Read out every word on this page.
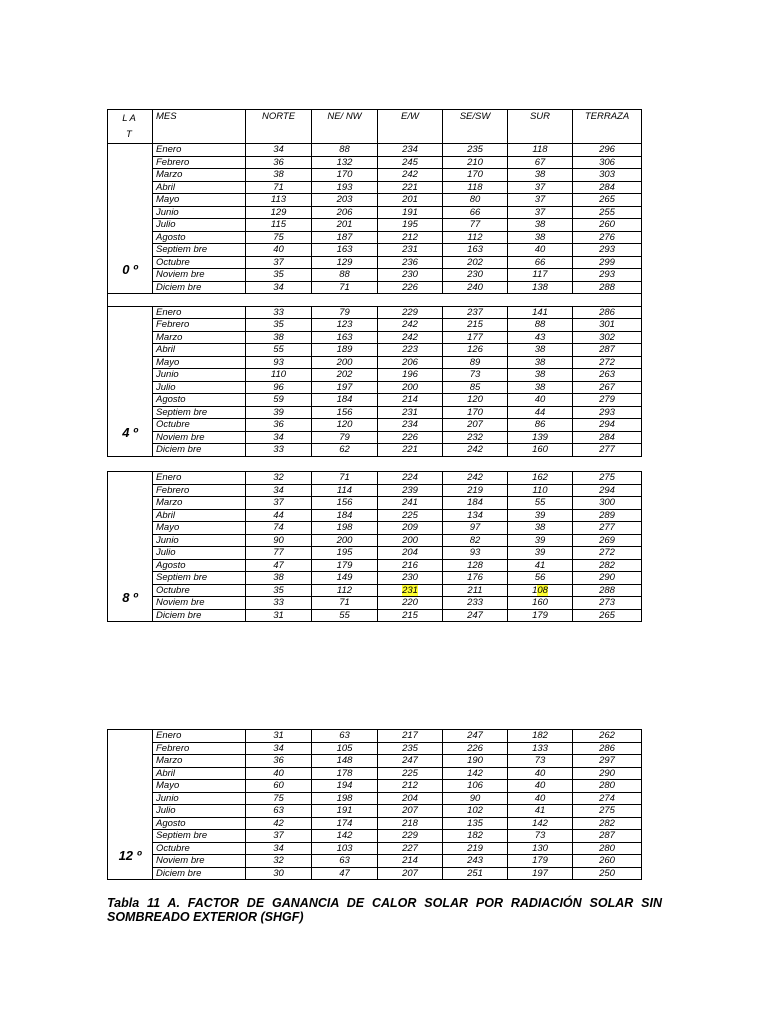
LA
T	MES	NORTE	NE/ NW	E/W	SE/SW	SUR	TERRAZA
0 º	Enero	34	88	234	235	118	296
	Febrero	36	132	245	210	67	306
	Marzo	38	170	242	170	38	303
	Abril	71	193	221	118	37	284
	Mayo	113	203	201	80	37	265
	Junio	129	206	191	66	37	255
	Julio	115	201	195	77	38	260
	Agosto	75	187	212	112	38	276
	Septiem bre	40	163	231	163	40	293
	Octubre	37	129	236	202	66	299
	Noviem bre	35	88	230	230	117	293
	Diciem bre	34	71	226	240	138	288

4 º	Enero	33	79	229	237	141	286
	Febrero	35	123	242	215	88	301
	Marzo	38	163	242	177	43	302
	Abril	55	189	223	126	38	287
	Mayo	93	200	206	89	38	272
	Junio	110	202	196	73	38	263
	Julio	96	197	200	85	38	267
	Agosto	59	184	214	120	40	279
	Septiem bre	39	156	231	170	44	293
	Octubre	36	120	234	207	86	294
	Noviem bre	34	79	226	232	139	284
	Diciem bre	33	62	221	242	160	277
8 º	Enero	32	71	224	242	162	275
	Febrero	34	114	239	219	110	294
	Marzo	37	156	241	184	55	300
	Abril	44	184	225	134	39	289
	Mayo	74	198	209	97	38	277
	Junio	90	200	200	82	39	269
	Julio	77	195	204	93	39	272
	Agosto	47	179	216	128	41	282
	Septiem bre	38	149	230	176	56	290
	Octubre	35	112	231	211	108	288
	Noviem bre	33	71	220	233	160	273
	Diciem bre	31	55	215	247	179	265
12 º	Enero	31	63	217	247	182	262
	Febrero	34	105	235	226	133	286
	Marzo	36	148	247	190	73	297
	Abril	40	178	225	142	40	290
	Mayo	60	194	212	106	40	280
	Junio	75	198	204	90	40	274
	Julio	63	191	207	102	41	275
	Agosto	42	174	218	135	142	282
	Septiem bre	37	142	229	182	73	287
	Octubre	34	103	227	219	130	280
	Noviem bre	32	63	214	243	179	260
	Diciem bre	30	47	207	251	197	250
Tabla 11 A. FACTOR DE GANANCIA DE CALOR SOLAR POR RADIACIÓN SOLAR SIN SOMBREADO EXTERIOR (SHGF)
